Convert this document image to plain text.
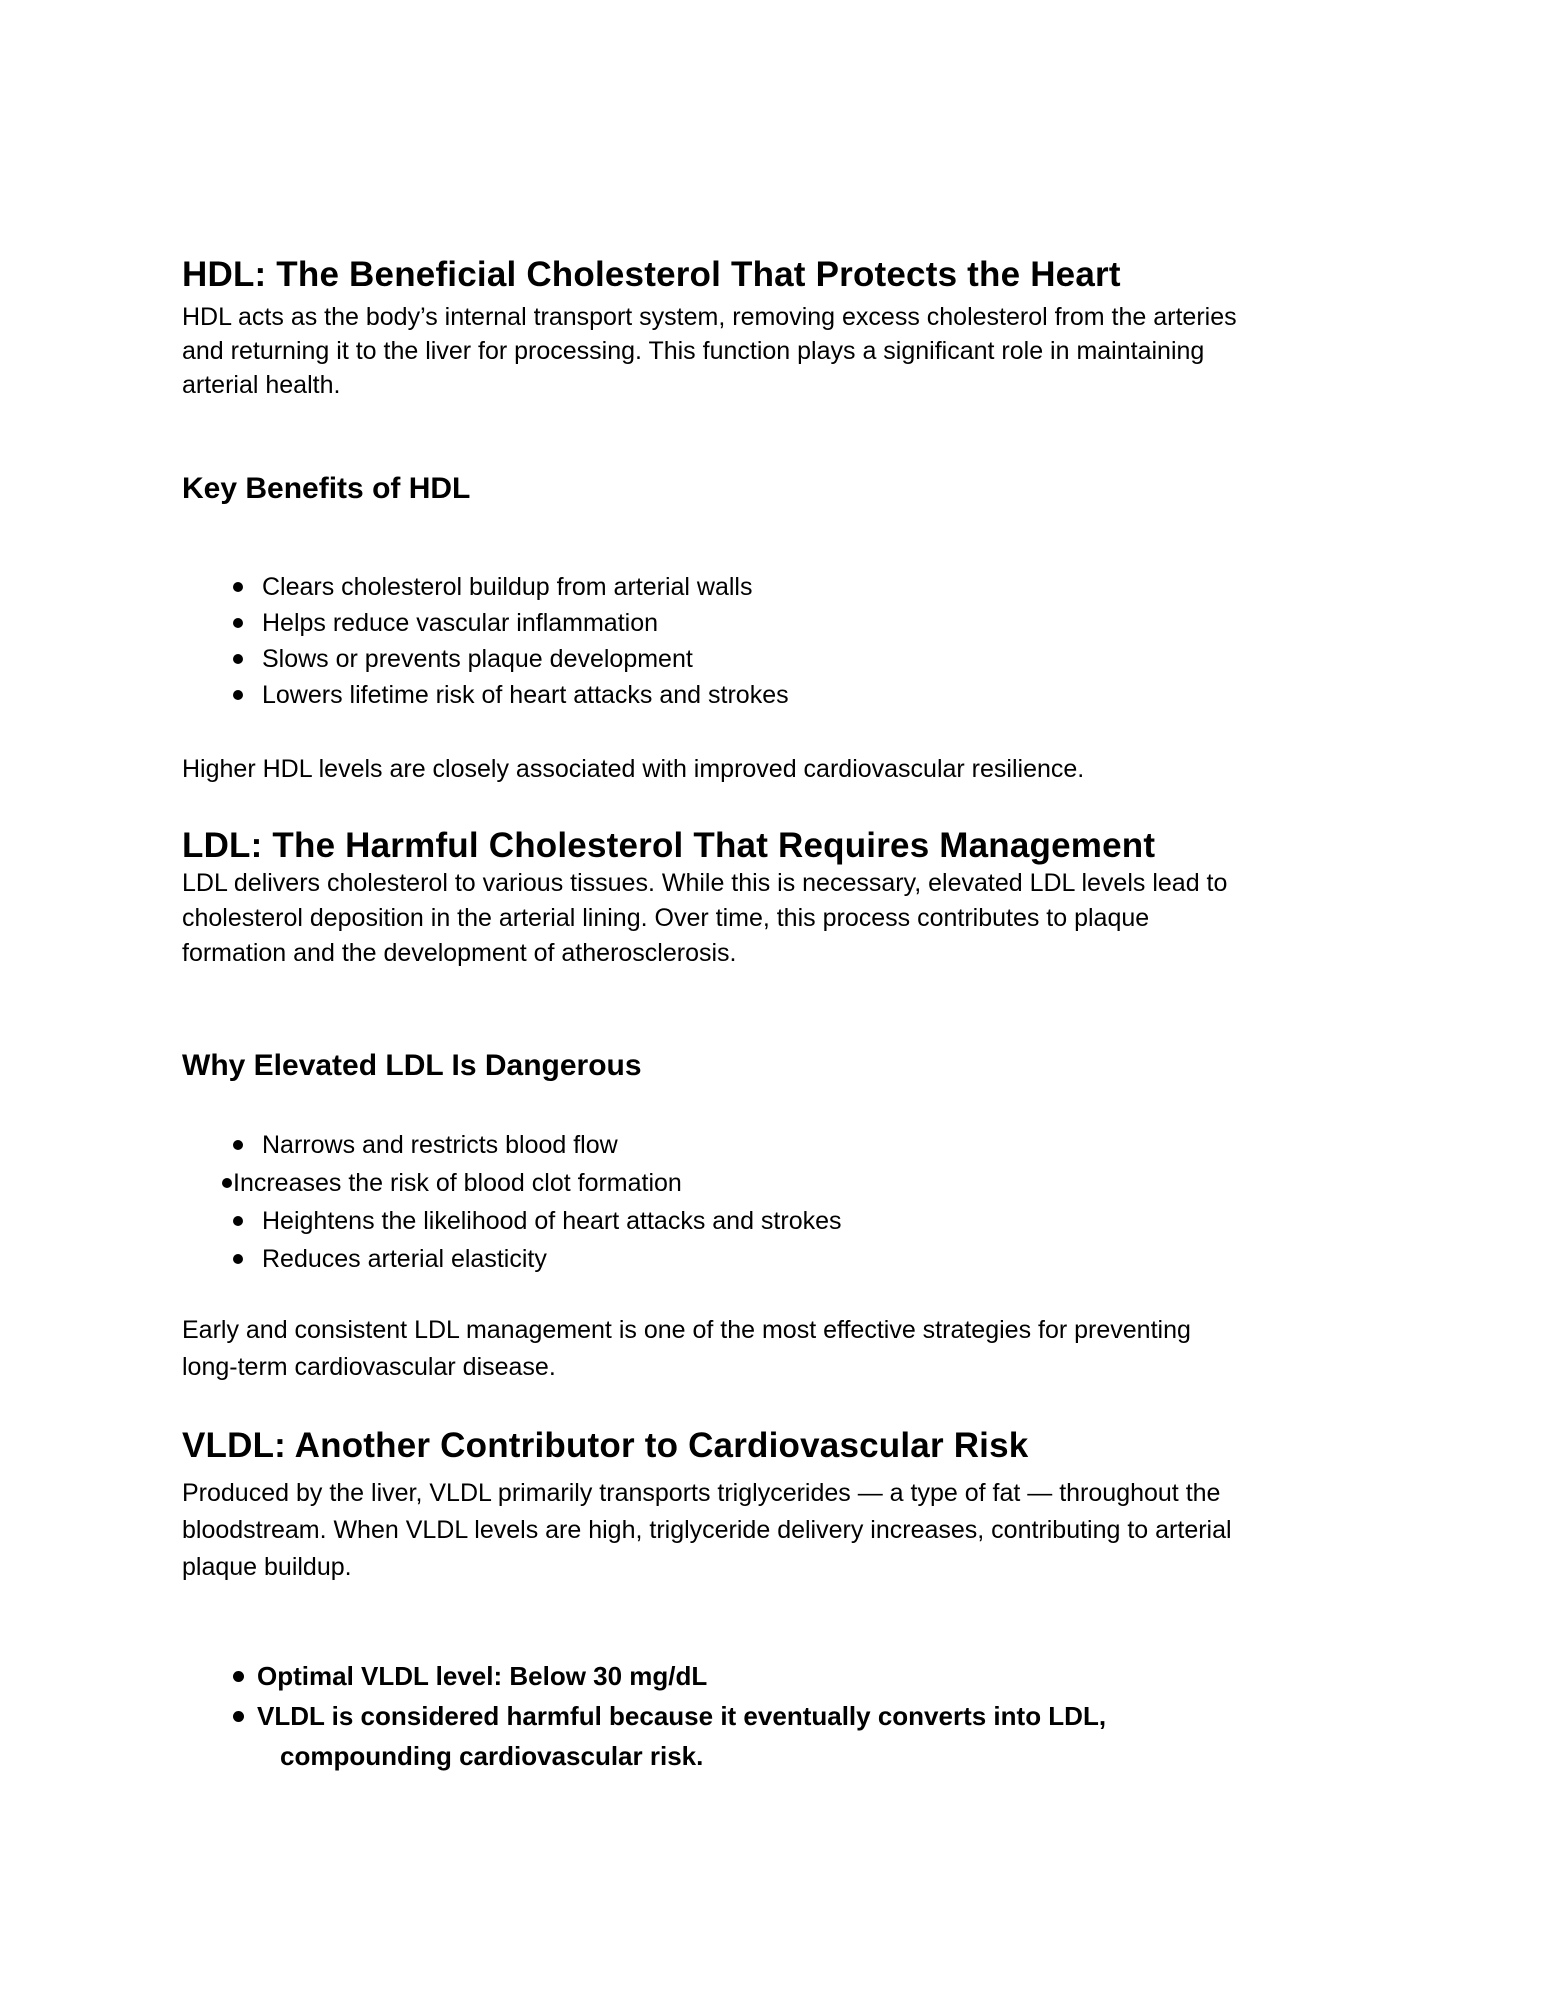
HDL: The Beneficial Cholesterol That Protects the Heart
HDL acts as the body’s internal transport system, removing excess cholesterol from the arteries
and returning it to the liver for processing. This function plays a significant role in maintaining
arterial health.
Key Benefits of HDL
Clears cholesterol buildup from arterial walls
Helps reduce vascular inflammation
Slows or prevents plaque development
Lowers lifetime risk of heart attacks and strokes
Higher HDL levels are closely associated with improved cardiovascular resilience.
LDL: The Harmful Cholesterol That Requires Management
LDL delivers cholesterol to various tissues. While this is necessary, elevated LDL levels lead to
cholesterol deposition in the arterial lining. Over time, this process contributes to plaque
formation and the development of atherosclerosis.
Why Elevated LDL Is Dangerous
Narrows and restricts blood flow
Increases the risk of blood clot formation
Heightens the likelihood of heart attacks and strokes
Reduces arterial elasticity
Early and consistent LDL management is one of the most effective strategies for preventing
long-term cardiovascular disease.
VLDL: Another Contributor to Cardiovascular Risk
Produced by the liver, VLDL primarily transports triglycerides — a type of fat — throughout the
bloodstream. When VLDL levels are high, triglyceride delivery increases, contributing to arterial
plaque buildup.
Optimal VLDL level: Below 30 mg/dL
VLDL is considered harmful because it eventually converts into LDL,
compounding cardiovascular risk.
